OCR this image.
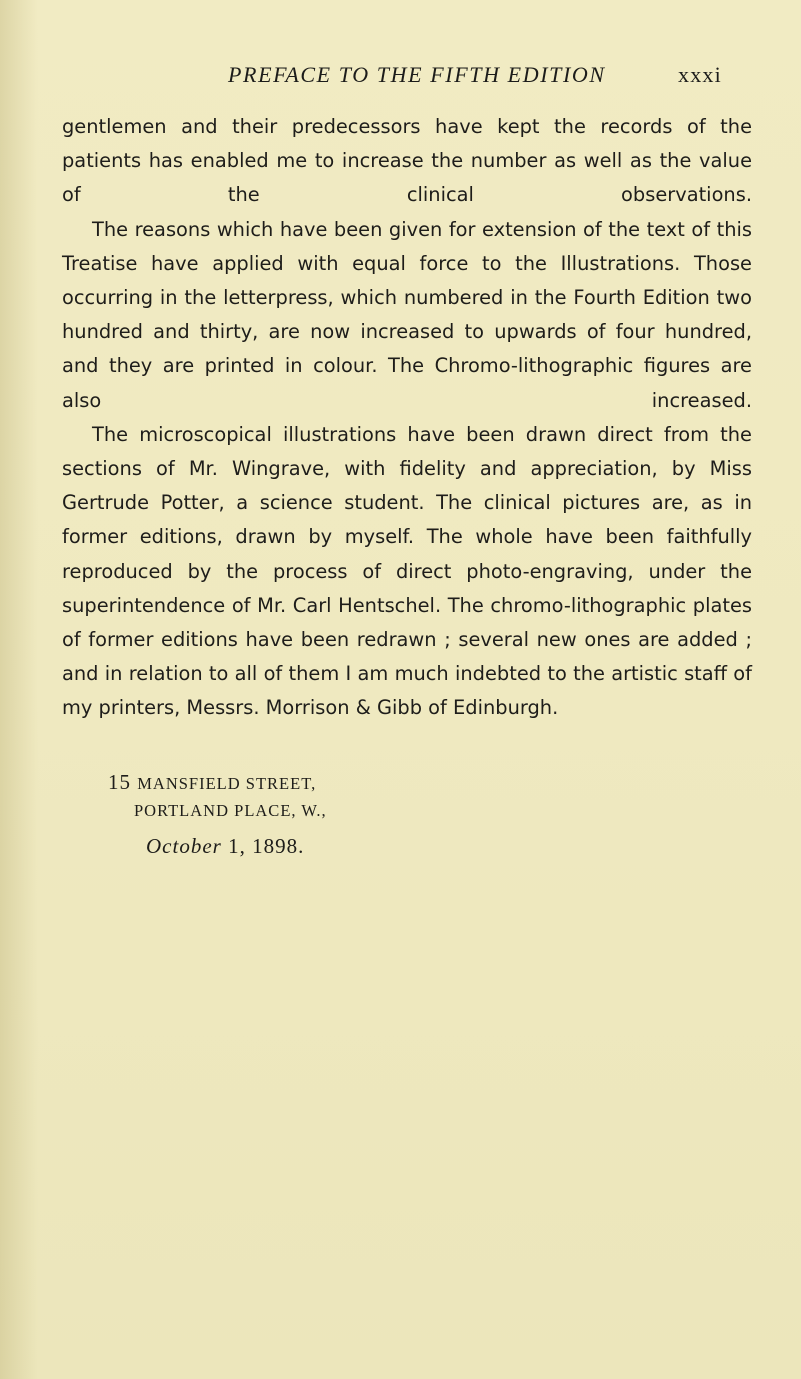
PREFACE TO THE FIFTH EDITION	xxxi

gentlemen and their predecessors have kept the records of the patients has enabled me to increase the number as well as the value of the clinical observations.

The reasons which have been given for extension of the text of this Treatise have applied with equal force to the Illustrations. Those occurring in the letterpress, which numbered in the Fourth Edition two hundred and thirty, are now increased to upwards of four hundred, and they are printed in colour. The Chromo-lithographic figures are also increased.

The microscopical illustrations have been drawn direct from the sections of Mr. Wingrave, with fidelity and appreciation, by Miss Gertrude Potter, a science student. The clinical pictures are, as in former editions, drawn by myself. The whole have been faithfully reproduced by the process of direct photo-engraving, under the superintendence of Mr. Carl Hentschel. The chromo-lithographic plates of former editions have been redrawn ; several new ones are added ; and in relation to all of them I am much indebted to the artistic staff of my printers, Messrs. Morrison & Gibb of Edinburgh.

15 MANSFIELD STREET,
PORTLAND PLACE, W.,
October 1, 1898.
